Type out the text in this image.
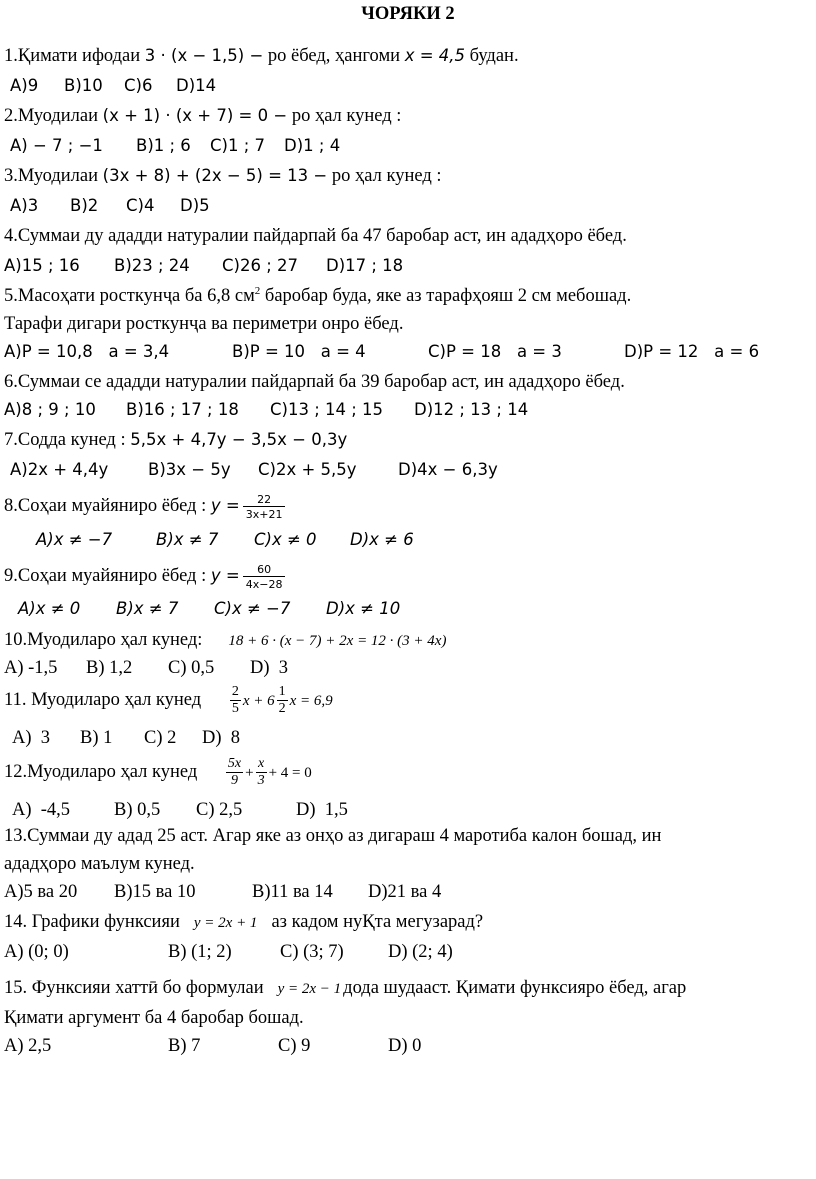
ЧОРЯКИ 2
1.Қимати ифодаи 3 · (x − 1,5) − ро ёбед, ҳангоми x = 4,5 будан.
A)9 B)10 C)6 D)14
2.Муодилаи (x + 1) · (x + 7) = 0 − ро ҳал кунед :
A) − 7 ; −1 B)1 ; 6 C)1 ; 7 D)1 ; 4
3.Муодилаи (3x + 8) + (2x − 5) = 13 − ро ҳал кунед :
A)3 B)2 C)4 D)5
4.Суммаи ду ададди натуралии пайдарпай ба 47 баробар аст, ин ададҳоро ёбед.
A)15 ; 16 B)23 ; 24 C)26 ; 27 D)17 ; 18
5.Масоҳати росткунҷа ба 6,8 $см^2$ баробар буда, яке аз тарафҳояш 2 см мебошад.
Тарафи дигари росткунҷа ва периметри онро ёбед.
A)P = 10,8   a = 3,4	B)P = 10   a = 4	C)P = 18   a = 3	D)P = 12   a = 6
6.Суммаи се ададди натуралии пайдарпай ба 39 баробар аст, ин ададҳоро ёбед.
A)8 ; 9 ; 10 B)16 ; 17 ; 18 C)13 ; 14 ; 15 D)12 ; 13 ; 14
7.Содда кунед : 5,5x + 4,7y − 3,5x − 0,3y
A)2x + 4,4y B)3x − 5y C)2x + 5,5y	D)4x − 6,3y
8.Соҳаи муайяниро ёбед : $y = \frac{22}{3x+21}$
A)x ≠ −7	B)x ≠ 7 C)x ≠ 0 D)x ≠ 6
9.Соҳаи муайяниро ёбед : $y = \frac{60}{4x-28}$
A)x ≠ 0 B)x ≠ 7 C)x ≠ −7 D)x ≠ 10
10.Муодиларо ҳал кунед: 18 + 6 · (x − 7) + 2x = 12 · (3 + 4x)
A) -1,5 B) 1,2 C) 0,5 D)  3
11. Муодиларо ҳал кунед $\frac{2}{5}$ $x + 6 \frac{1}{2}$ x = 6,9
A)  3 B) 1 C) 2 D)  8
12.Муодиларо ҳал кунед $\frac{5x}{9} + \frac{x}{3} + 4 = 0$
A)  -4,5 B) 0,5 C) 2,5	D)  1,5
13.Суммаи ду адад 25 аст. Агар яке аз онҳо аз дигараш 4 маротиба калон бошад, ин
ададҳоро маълум кунед.
A)5 ва 20 B)15 ва 10	B)11 ва 14 D)21 ва 4
14. Графики функсияи y = 2x + 1 аз кадом нуҚта мегузарад?
A) (0; 0)	B) (1; 2)	C) (3; 7) D) (2; 4)
15. Функсияи хаттӣ бо формулаи y = 2x − 1 дода шудааст. Қимати функсияро ёбед, агар
Қимати аргумент ба 4 баробар бошад.
A) 2,5	B) 7	C) 9	D) 0
